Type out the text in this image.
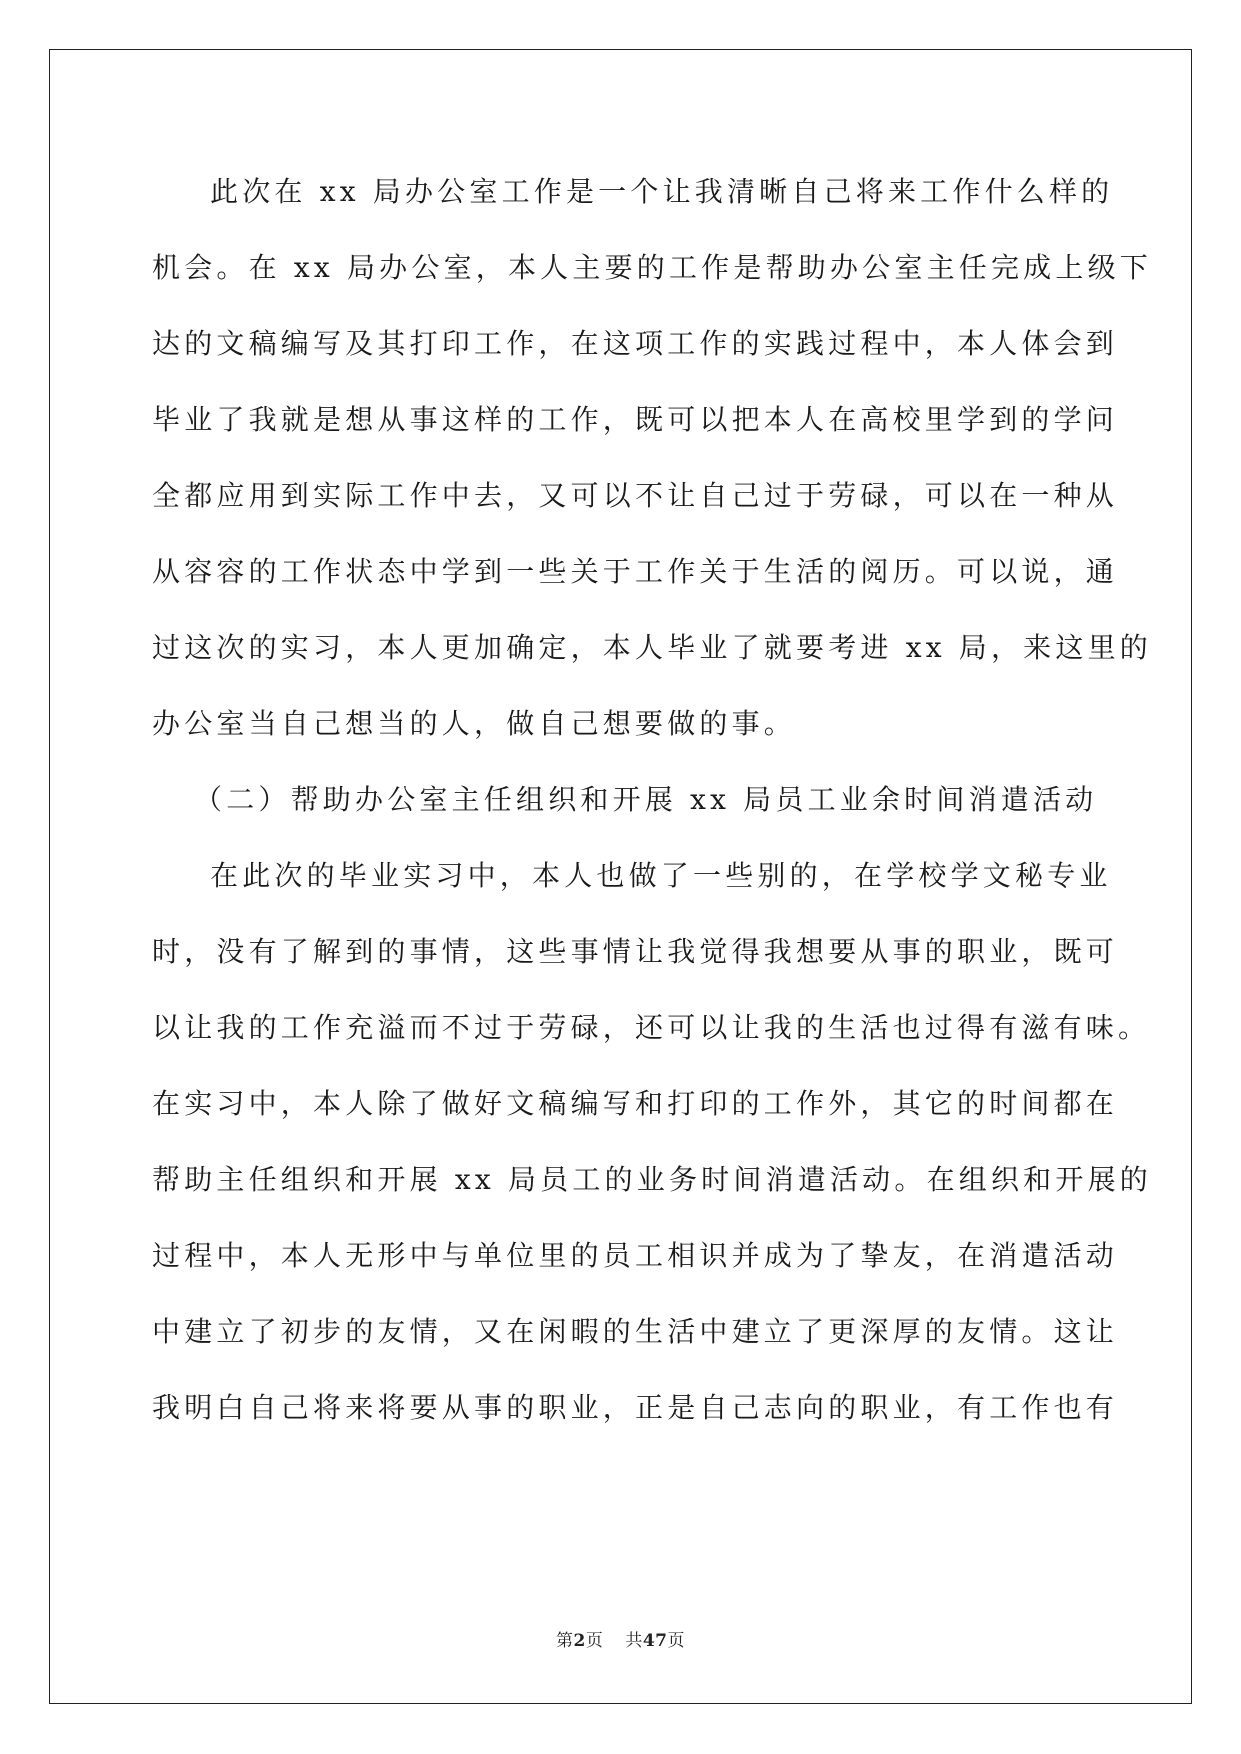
此次在 xx 局办公室工作是一个让我清晰自己将来工作什么样的
机会。在 xx 局办公室，本人主要的工作是帮助办公室主任完成上级下
达的文稿编写及其打印工作，在这项工作的实践过程中，本人体会到
毕业了我就是想从事这样的工作，既可以把本人在高校里学到的学问
全都应用到实际工作中去，又可以不让自己过于劳碌，可以在一种从
从容容的工作状态中学到一些关于工作关于生活的阅历。可以说，通
过这次的实习，本人更加确定，本人毕业了就要考进 xx 局，来这里的
办公室当自己想当的人，做自己想要做的事。
（二）帮助办公室主任组织和开展 xx 局员工业余时间消遣活动
在此次的毕业实习中，本人也做了一些别的，在学校学文秘专业
时，没有了解到的事情，这些事情让我觉得我想要从事的职业，既可
以让我的工作充溢而不过于劳碌，还可以让我的生活也过得有滋有味。
在实习中，本人除了做好文稿编写和打印的工作外，其它的时间都在
帮助主任组织和开展 xx 局员工的业务时间消遣活动。在组织和开展的
过程中，本人无形中与单位里的员工相识并成为了挚友，在消遣活动
中建立了初步的友情，又在闲暇的生活中建立了更深厚的友情。这让
我明白自己将来将要从事的职业，正是自己志向的职业，有工作也有
第2页 共47页
